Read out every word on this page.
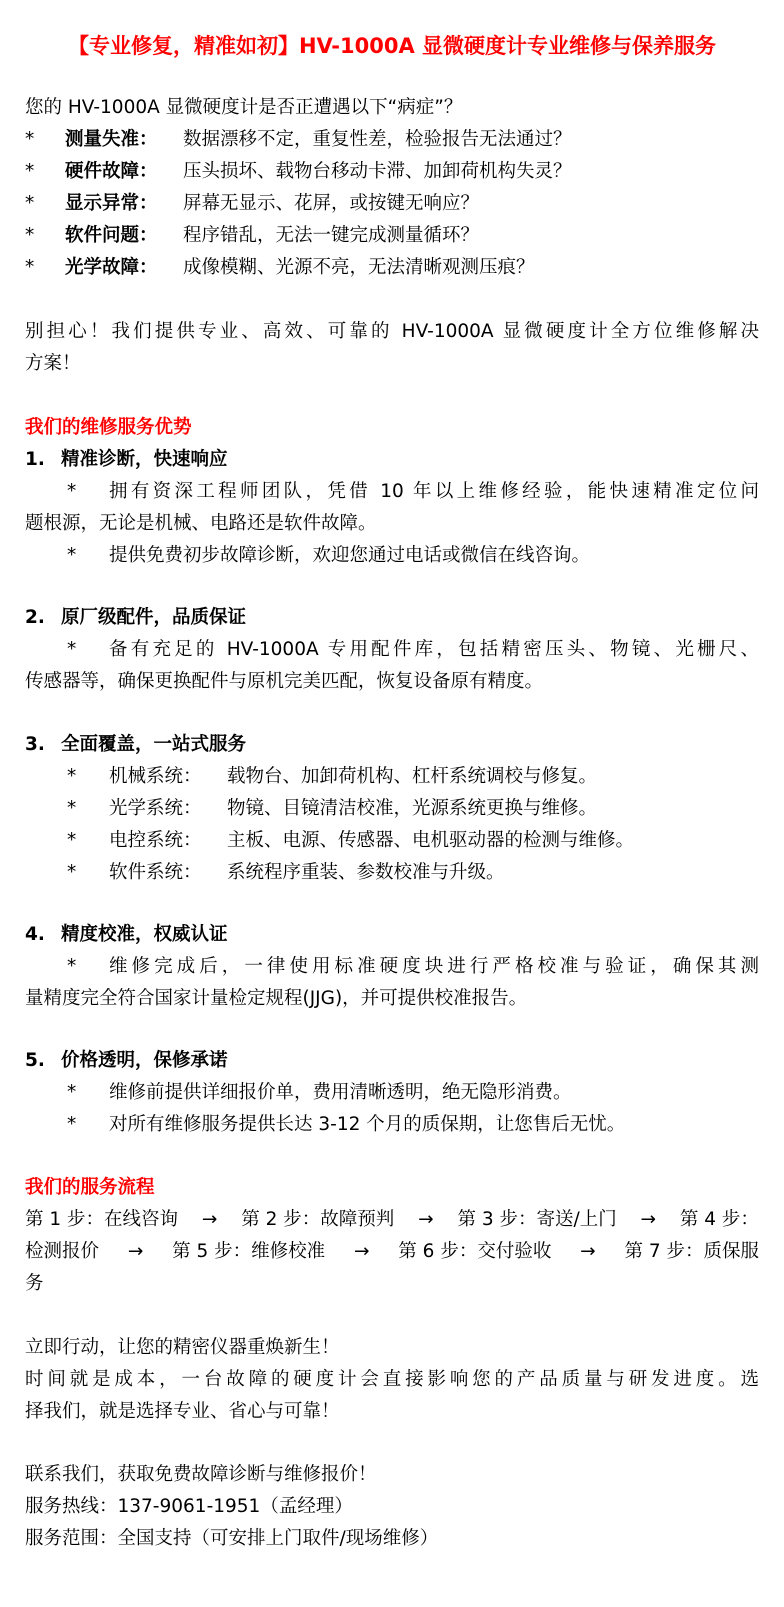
【专业修复，精准如初】HV-1000A 显微硬度计专业维修与保养服务
您的 HV-1000A 显微硬度计是否正遭遇以下“病症”？
* 测量失准： 数据漂移不定，重复性差，检验报告无法通过？
* 硬件故障： 压头损坏、载物台移动卡滞、加卸荷机构失灵？
* 显示异常： 屏幕无显示、花屏，或按键无响应？
* 软件问题： 程序错乱，无法一键完成测量循环？
* 光学故障： 成像模糊、光源不亮，无法清晰观测压痕？
别担心！我们提供专业、高效、可靠的 HV-1000A 显微硬度计全方位维修解决
方案！
我们的维修服务优势
1. 精准诊断，快速响应
* 拥有资深工程师团队，凭借 10 年以上维修经验，能快速精准定位问
题根源，无论是机械、电路还是软件故障。
* 提供免费初步故障诊断，欢迎您通过电话或微信在线咨询。
2. 原厂级配件，品质保证
* 备有充足的 HV-1000A 专用配件库，包括精密压头、物镜、光栅尺、
传感器等，确保更换配件与原机完美匹配，恢复设备原有精度。
3. 全面覆盖，一站式服务
* 机械系统： 载物台、加卸荷机构、杠杆系统调校与修复。
* 光学系统： 物镜、目镜清洁校准，光源系统更换与维修。
* 电控系统： 主板、电源、传感器、电机驱动器的检测与维修。
* 软件系统： 系统程序重装、参数校准与升级。
4. 精度校准，权威认证
* 维修完成后，一律使用标准硬度块进行严格校准与验证，确保其测
量精度完全符合国家计量检定规程(JJG)，并可提供校准报告。
5. 价格透明，保修承诺
* 维修前提供详细报价单，费用清晰透明，绝无隐形消费。
* 对所有维修服务提供长达 3-12 个月的质保期，让您售后无忧。
我们的服务流程
第 1 步：在线咨询 → 第 2 步：故障预判 → 第 3 步：寄送/上门 → 第 4 步：
检测报价 → 第 5 步：维修校准 → 第 6 步：交付验收 → 第 7 步：质保服
务
立即行动，让您的精密仪器重焕新生！
时间就是成本，一台故障的硬度计会直接影响您的产品质量与研发进度。选
择我们，就是选择专业、省心与可靠！
联系我们，获取免费故障诊断与维修报价！
服务热线：137-9061-1951（孟经理）
服务范围：全国支持（可安排上门取件/现场维修）
